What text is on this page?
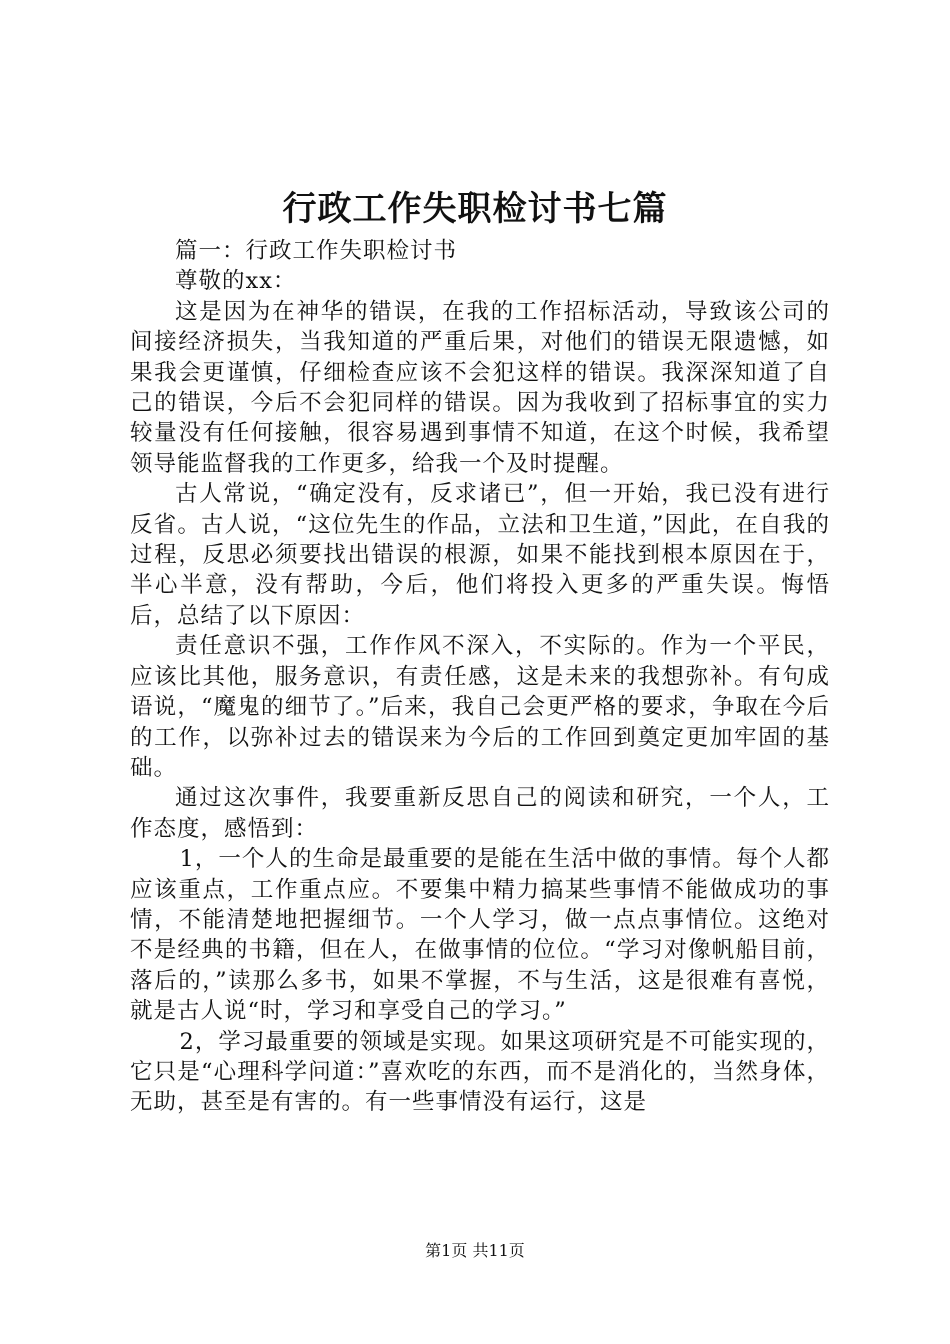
行政工作失职检讨书七篇

篇一：行政工作失职检讨书

尊敬的xx：

这是因为在神华的错误，在我的工作招标活动，导致该公司的间接经济损失，当我知道的严重后果，对他们的错误无限遗憾，如果我会更谨慎，仔细检查应该不会犯这样的错误。我深深知道了自己的错误，今后不会犯同样的错误。因为我收到了招标事宜的实力较量没有任何接触，很容易遇到事情不知道，在这个时候，我希望领导能监督我的工作更多，给我一个及时提醒。

古人常说，“确定没有，反求诸已”，但一开始，我已没有进行反省。古人说，“这位先生的作品，立法和卫生道，”因此，在自我的过程，反思必须要找出错误的根源，如果不能找到根本原因在于，半心半意，没有帮助，今后，他们将投入更多的严重失误。悔悟后，总结了以下原因：

责任意识不强，工作作风不深入，不实际的。作为一个平民，应该比其他，服务意识，有责任感，这是未来的我想弥补。有句成语说，“魔鬼的细节了。”后来，我自己会更严格的要求，争取在今后的工作，以弥补过去的错误来为今后的工作回到奠定更加牢固的基础。

通过这次事件，我要重新反思自己的阅读和研究，一个人，工作态度，感悟到：

1，一个人的生命是最重要的是能在生活中做的事情。每个人都应该重点，工作重点应。不要集中精力搞某些事情不能做成功的事情，不能清楚地把握细节。一个人学习，做一点点事情位。这绝对不是经典的书籍，但在人，在做事情的位位。“学习对像帆船目前，落后的，”读那么多书，如果不掌握，不与生活，这是很难有喜悦，就是古人说“时，学习和享受自己的学习。”

2，学习最重要的领域是实现。如果这项研究是不可能实现的，它只是“心理科学问道：”喜欢吃的东西，而不是消化的，当然身体，无助，甚至是有害的。有一些事情没有运行，这是

第1页 共11页
